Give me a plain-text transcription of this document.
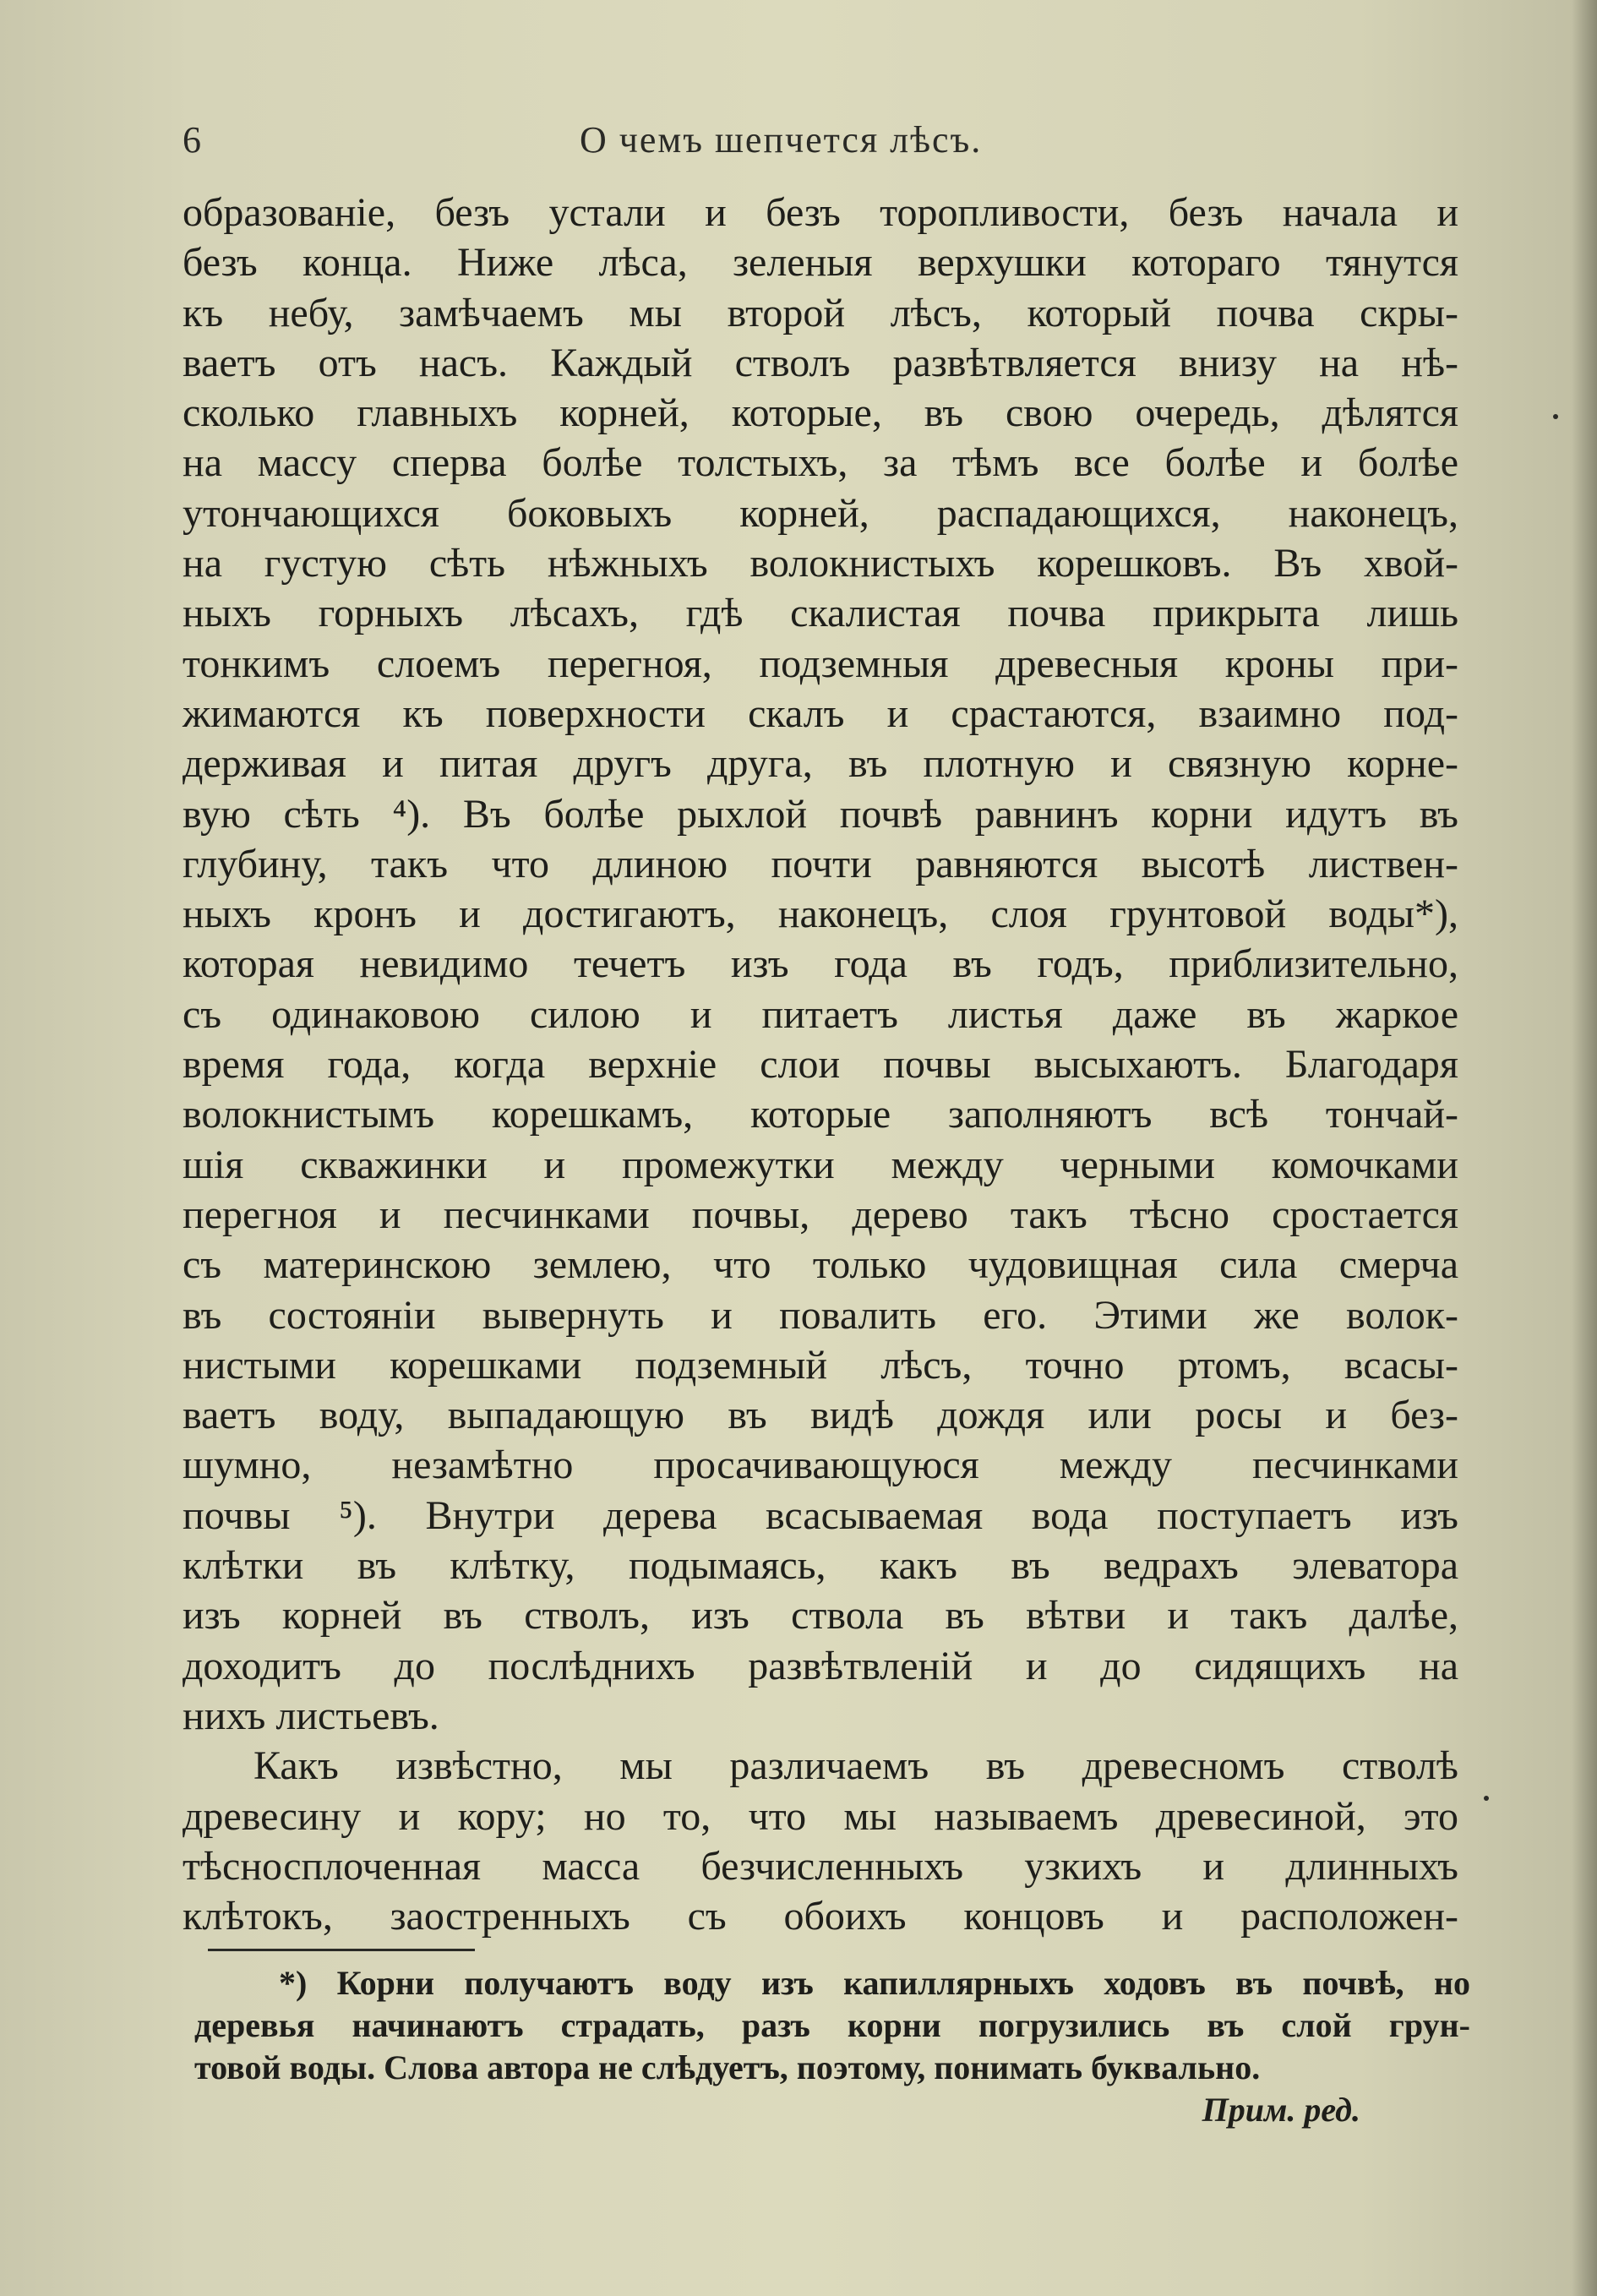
6	О чемъ шепчется лѣсъ.
образованіе, безъ устали и безъ торопливости, безъ начала и
безъ конца. Ниже лѣса, зеленыя верхушки котораго тянутся
къ небу, замѣчаемъ мы второй лѣсъ, который почва скры-
ваетъ отъ насъ. Каждый стволъ развѣтвляется внизу на нѣ-
сколько главныхъ корней, которые, въ свою очередь, дѣлятся
на массу сперва болѣе толстыхъ, за тѣмъ все болѣе и болѣе
утончающихся боковыхъ корней, распадающихся, наконецъ,
на густую сѣть нѣжныхъ волокнистыхъ корешковъ. Въ хвой-
ныхъ горныхъ лѣсахъ, гдѣ скалистая почва прикрыта лишь
тонкимъ слоемъ перегноя, подземныя древесныя кроны при-
жимаются къ поверхности скалъ и срастаются, взаимно под-
держивая и питая другъ друга, въ плотную и связную корне-
вую сѣть ⁴). Въ болѣе рыхлой почвѣ равнинъ корни идутъ въ
глубину, такъ что длиною почти равняются высотѣ листвен-
ныхъ кронъ и достигаютъ, наконецъ, слоя грунтовой воды*),
которая невидимо течетъ изъ года въ годъ, приблизительно,
съ одинаковою силою и питаетъ листья даже въ жаркое
время года, когда верхніе слои почвы высыхаютъ. Благодаря
волокнистымъ корешкамъ, которые заполняютъ всѣ тончай-
шія скважинки и промежутки между черными комочками
перегноя и песчинками почвы, дерево такъ тѣсно сростается
съ материнскою землею, что только чудовищная сила смерча
въ состояніи вывернуть и повалить его. Этими же волок-
нистыми корешками подземный лѣсъ, точно ртомъ, всасы-
ваетъ воду, выпадающую въ видѣ дождя или росы и без-
шумно, незамѣтно просачивающуюся между песчинками
почвы ⁵). Внутри дерева всасываемая вода поступаетъ изъ
клѣтки въ клѣтку, подымаясь, какъ въ ведрахъ элеватора
изъ корней въ стволъ, изъ ствола въ вѣтви и такъ далѣе,
доходитъ до послѣднихъ развѣтвленій и до сидящихъ на
нихъ листьевъ.
Какъ извѣстно, мы различаемъ въ древесномъ стволѣ
древесину и кору; но то, что мы называемъ древесиной, это
тѣсносплоченная масса безчисленныхъ узкихъ и длинныхъ
клѣтокъ, заостренныхъ съ обоихъ концовъ и расположен-
*) Корни получаютъ воду изъ капиллярныхъ ходовъ въ почвѣ, но
деревья начинаютъ страдать, разъ корни погрузились въ слой грун-
товой воды. Слова автора не слѣдуетъ, поэтому, понимать буквально.
Прим. ред.
